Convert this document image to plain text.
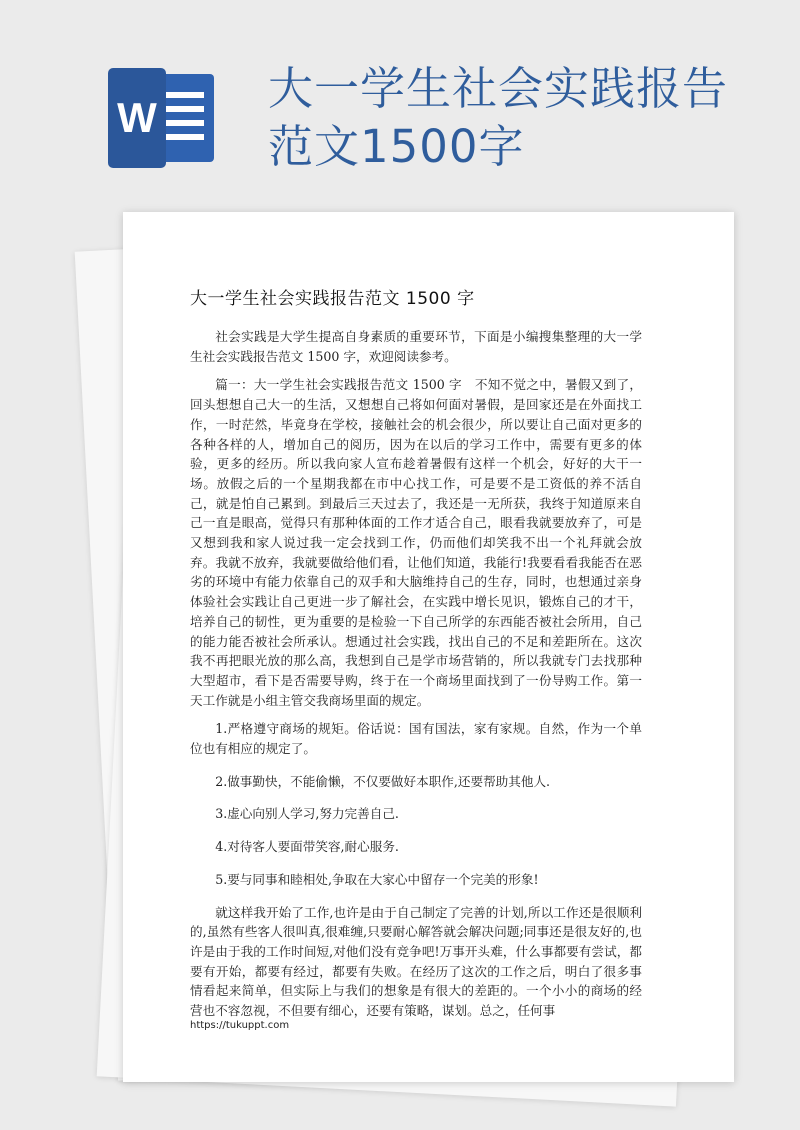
W
大一学生社会实践报告
范文1500字
大一学生社会实践报告范文 1500 字

社会实践是大学生提高自身素质的重要环节，下面是小编搜集整理的大一学生社会实践报告范文 1500 字，欢迎阅读参考。

篇一：大一学生社会实践报告范文 1500 字　不知不觉之中，暑假又到了，回头想想自己大一的生活，又想想自己将如何面对暑假，是回家还是在外面找工作，一时茫然，毕竟身在学校，接触社会的机会很少，所以要让自己面对更多的各种各样的人，增加自己的阅历，因为在以后的学习工作中，需要有更多的体验，更多的经历。所以我向家人宣布趁着暑假有这样一个机会，好好的大干一场。放假之后的一个星期我都在市中心找工作，可是要不是工资低的养不活自己，就是怕自己累到。到最后三天过去了，我还是一无所获，我终于知道原来自己一直是眼高，觉得只有那种体面的工作才适合自己，眼看我就要放弃了，可是又想到我和家人说过我一定会找到工作，仍而他们却笑我不出一个礼拜就会放弃。我就不放弃，我就要做给他们看，让他们知道，我能行!我要看看我能否在恶劣的环境中有能力依靠自己的双手和大脑维持自己的生存，同时，也想通过亲身体验社会实践让自己更进一步了解社会，在实践中增长见识，锻炼自己的才干，培养自己的韧性，更为重要的是检验一下自己所学的东西能否被社会所用，自己的能力能否被社会所承认。想通过社会实践，找出自己的不足和差距所在。这次我不再把眼光放的那么高，我想到自己是学市场营销的，所以我就专门去找那种大型超市，看下是否需要导购，终于在一个商场里面找到了一份导购工作。第一天工作就是小组主管交我商场里面的规定。

1.严格遵守商场的规矩。俗话说：国有国法，家有家规。自然，作为一个单位也有相应的规定了。

2.做事勤快，不能偷懒，不仅要做好本职作,还要帮助其他人.

3.虚心向别人学习,努力完善自己.

4.对待客人要面带笑容,耐心服务.

5.要与同事和睦相处,争取在大家心中留存一个完美的形象!

就这样我开始了工作,也许是由于自己制定了完善的计划,所以工作还是很顺利的,虽然有些客人很叫真,很难缠,只要耐心解答就会解决问题;同事还是很友好的,也许是由于我的工作时间短,对他们没有竞争吧!万事开头难，什么事都要有尝试，都要有开始，都要有经过，都要有失败。在经历了这次的工作之后，明白了很多事情看起来简单，但实际上与我们的想象是有很大的差距的。一个小小的商场的经营也不容忽视，不但要有细心，还要有策略，谋划。总之，任何事

https://tukuppt.com
